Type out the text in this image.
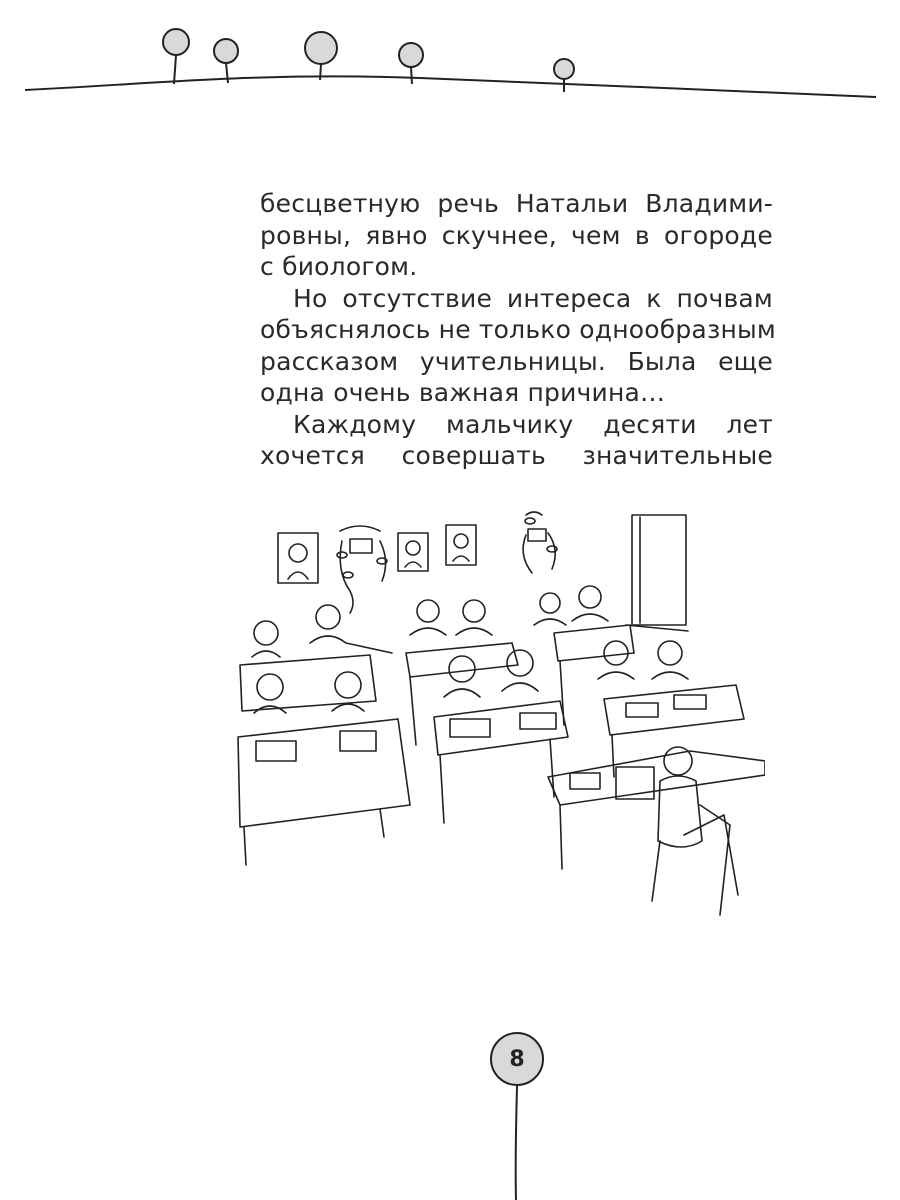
бесцветную речь Натальи Владими-
ровны, явно скучнее, чем в огороде
с биологом.
Но отсутствие интереса к почвам
объяснялось не только однообразным
рассказом учительницы. Была еще
одна очень важная причина…
Каждому мальчику десяти лет
хочется совершать значительные
8
